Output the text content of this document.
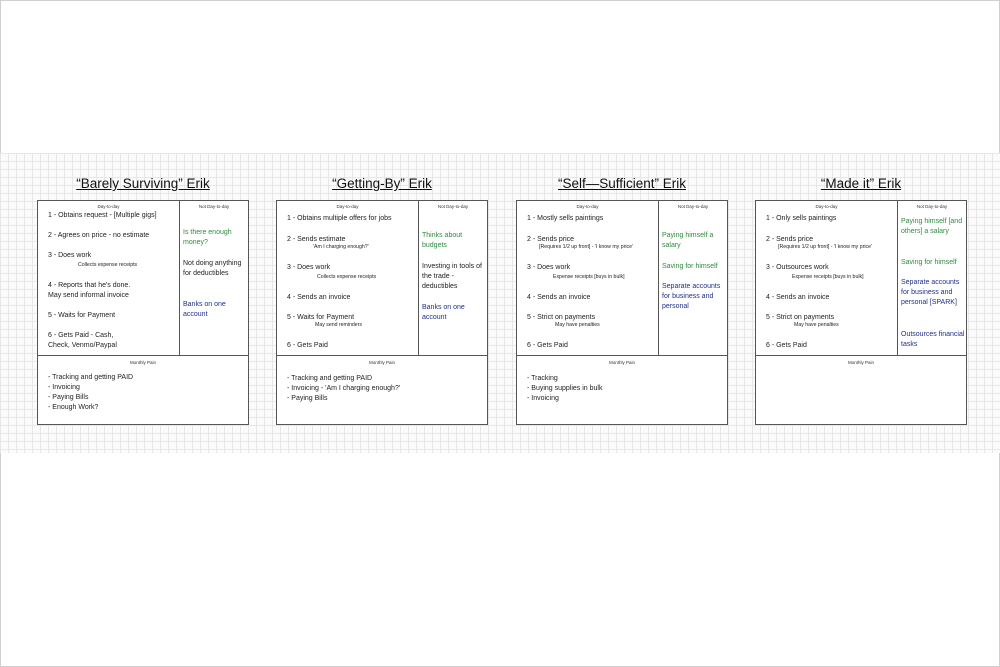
“Barely Surviving” Erik
Day-to-day
1 - Obtains request - [Multiple gigs]
2 - Agrees on price - no estimate
3 - Does work
Collects expense receipts
4 - Reports that he's done.
May send informal invoice
5 - Waits for Payment
6 - Gets Paid - Cash,
Check, Venmo/Paypal
Not Day-to-day
Is there enough money?
Not doing anything for deductibles
Banks on one account
Monthly Pain
- Tracking and getting PAID
- Invoicing
- Paying Bills
- Enough Work?
“Getting-By” Erik
Day-to-day
1 - Obtains multiple offers for jobs
2 - Sends estimate
'Am I charging enough?'
3 - Does work
Collects expense receipts
4 - Sends an invoice
5 - Waits for Payment
May send reminders
6 - Gets Paid
Not Day-to-day
Thinks about budgets
Investing in tools of the trade - deductibles
Banks on one account
Monthly Pain
- Tracking and getting PAID
- Invoicing - 'Am I charging enough?'
- Paying Bills
“Self—Sufficient” Erik
Day-to-day
1 - Mostly sells paintings
2 - Sends price
[Requires 1/2 up front] - 'I know my price'
3 - Does work
Expense receipts [buys in bulk]
4 - Sends an invoice
5 - Strict on payments
May have penalties
6 - Gets Paid
Not Day-to-day
Paying himself a salary
Saving for himself
Separate accounts for business and personal
Monthly Pain
- Tracking
- Buying supplies in bulk
- Invoicing
“Made it” Erik
Day-to-day
1 - Only sells paintings
2 - Sends price
[Requires 1/2 up front] - 'I know my price'
3 - Outsources work
Expense receipts [buys in bulk]
4 - Sends an invoice
5 - Strict on payments
May have penalties
6 - Gets Paid
Not Day-to-day
Paying himself [and others] a salary
Saving for himself
Separate accounts for business and personal [SPARK]
Outsources financial tasks
Monthly Pain
